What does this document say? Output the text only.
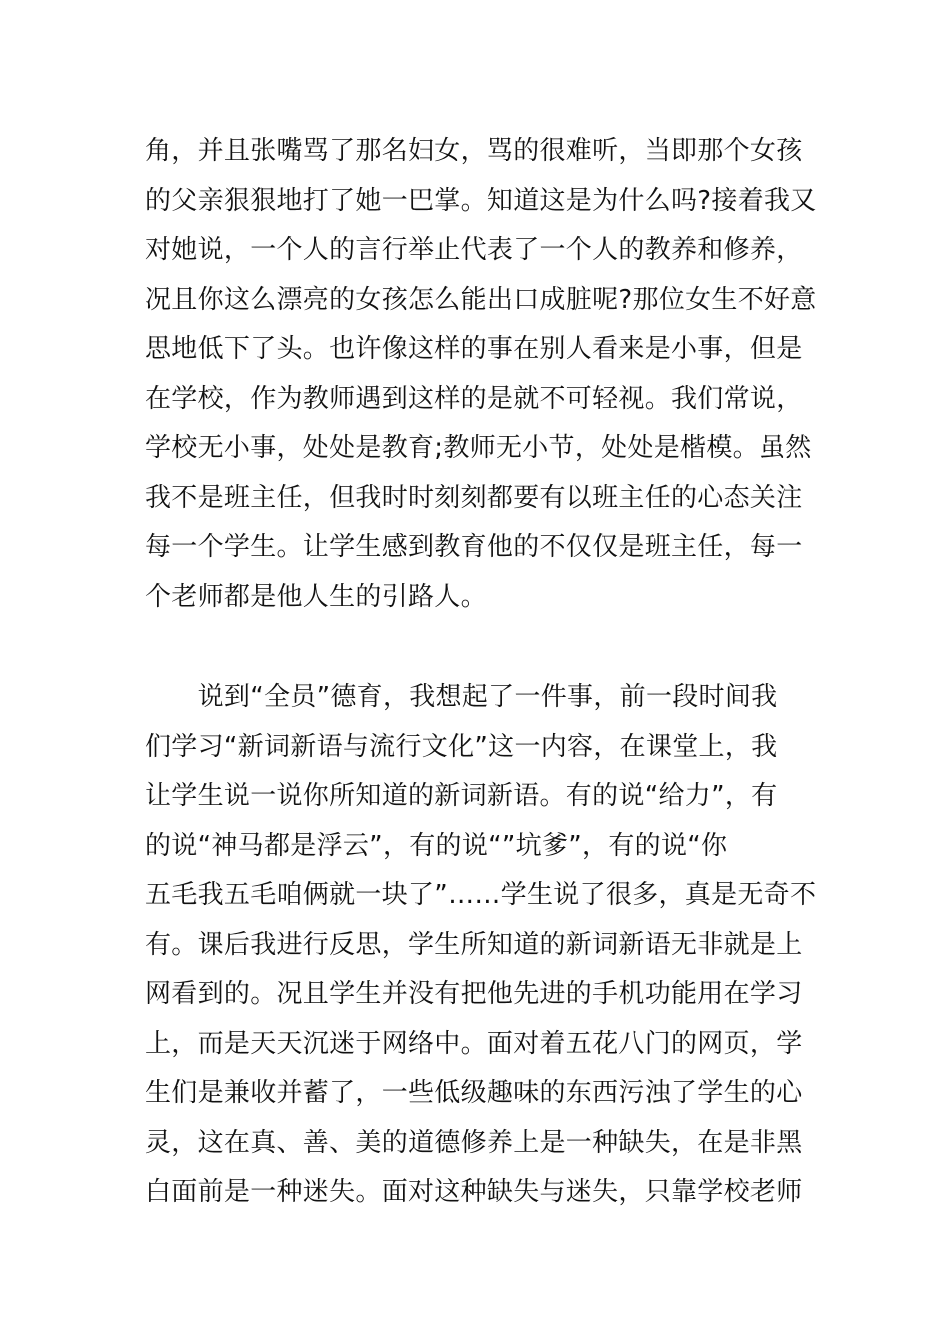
角，并且张嘴骂了那名妇女，骂的很难听，当即那个女孩
的父亲狠狠地打了她一巴掌。知道这是为什么吗?接着我又
对她说，一个人的言行举止代表了一个人的教养和修养，
况且你这么漂亮的女孩怎么能出口成脏呢?那位女生不好意
思地低下了头。也许像这样的事在别人看来是小事，但是
在学校，作为教师遇到这样的是就不可轻视。我们常说，
学校无小事，处处是教育;教师无小节，处处是楷模。虽然
我不是班主任，但我时时刻刻都要有以班主任的心态关注
每一个学生。让学生感到教育他的不仅仅是班主任，每一
个老师都是他人生的引路人。
　　说到“全员”德育，我想起了一件事，前一段时间我
们学习“新词新语与流行文化”这一内容，在课堂上，我
让学生说一说你所知道的新词新语。有的说“给力”，有
的说“神马都是浮云”，有的说“”坑爹”，有的说“你
五毛我五毛咱俩就一块了”……学生说了很多，真是无奇不
有。课后我进行反思，学生所知道的新词新语无非就是上
网看到的。况且学生并没有把他先进的手机功能用在学习
上，而是天天沉迷于网络中。面对着五花八门的网页，学
生们是兼收并蓄了，一些低级趣味的东西污浊了学生的心
灵，这在真、善、美的道德修养上是一种缺失，在是非黑
白面前是一种迷失。面对这种缺失与迷失，只靠学校老师
